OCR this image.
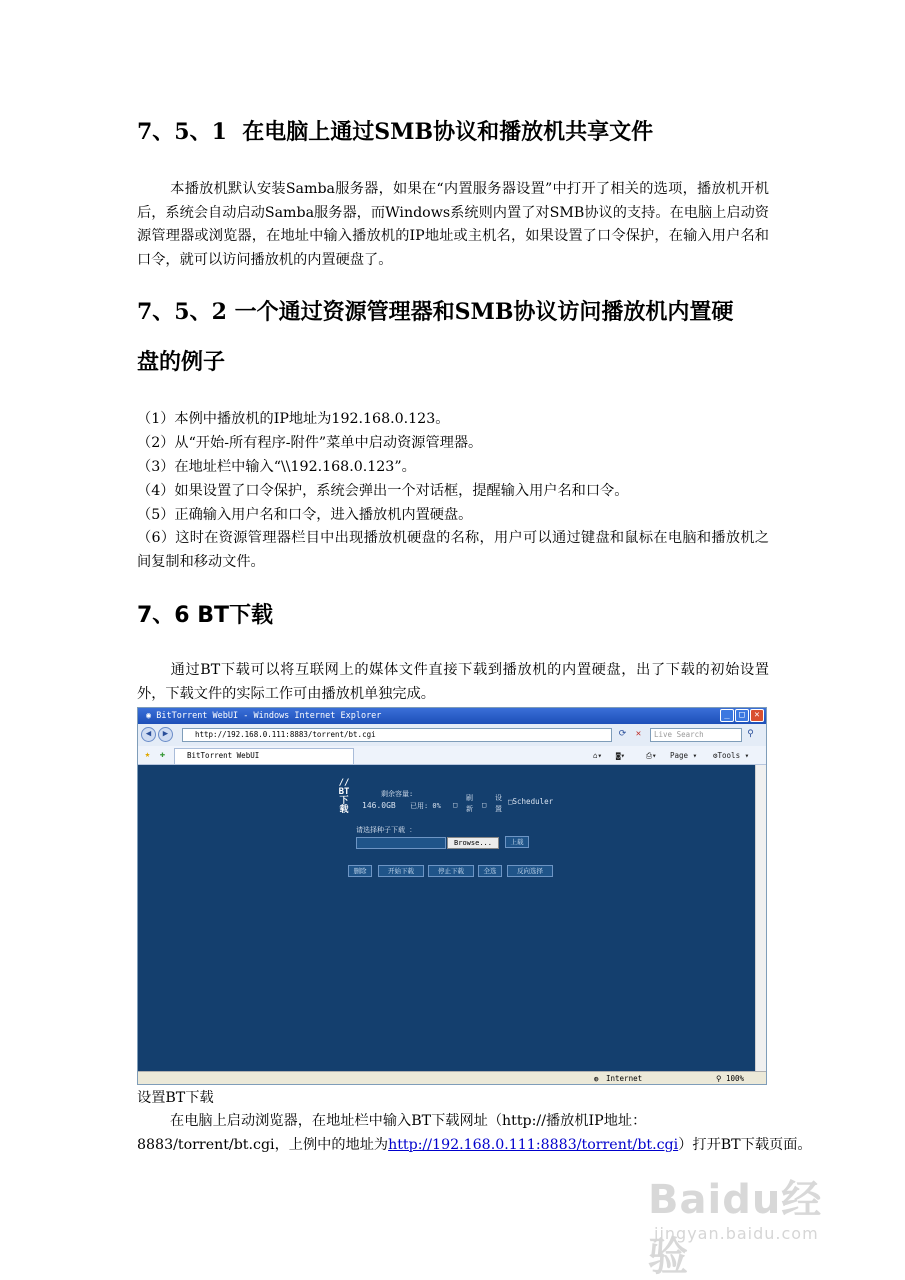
7、5、1 在电脑上通过SMB协议和播放机共享文件
本播放机默认安装Samba服务器，如果在“内置服务器设置”中打开了相关的选项，播放机开机后，系统会自动启动Samba服务器，而Windows系统则内置了对SMB协议的支持。在电脑上启动资源管理器或浏览器，在地址中输入播放机的IP地址或主机名，如果设置了口令保护，在输入用户名和口令，就可以访问播放机的内置硬盘了。
7、5、2 一个通过资源管理器和SMB协议访问播放机内置硬
盘的例子
（1）本例中播放机的IP地址为192.168.0.123。
（2）从“开始-所有程序-附件”菜单中启动资源管理器。
（3）在地址栏中输入“\\192.168.0.123”。
（4）如果设置了口令保护，系统会弹出一个对话框，提醒输入用户名和口令。
（5）正确输入用户名和口令，进入播放机内置硬盘。
（6）这时在资源管理器栏目中出现播放机硬盘的名称，用户可以通过键盘和鼠标在电脑和播放机之间复制和移动文件。
7、6 BT下载
通过BT下载可以将互联网上的媒体文件直接下载到播放机的内置硬盘，出了下载的初始设置外，下载文件的实际工作可由播放机单独完成。
◉ BitTorrent WebUI - Windows Internet Explorer	_	□	✕
◀	▶	http://192.168.0.111:8883/torrent/bt.cgi	⟳	✕	Live Search	⚲
★	✚	BitTorrent WebUI	⌂▾ ◙▾	⎙▾ Page ▾ ⚙Tools ▾
//
BT
下
载
剩余容量:
146.0GB 已用: 0% □
刷
新 □
设
置
□Scheduler
请选择种子下载 ：
Browse...	上载
删除	开始下载	停止下载	全选	反向选择
◍ Internet	⚲ 100%
设置BT下载
在电脑上启动浏览器，在地址栏中输入BT下载网址（http://播放机IP地址：
8883/torrent/bt.cgi，上例中的地址为http://192.168.0.111:8883/torrent/bt.cgi）打开BT下载页面。
Baidu经验
jingyan.baidu.com
